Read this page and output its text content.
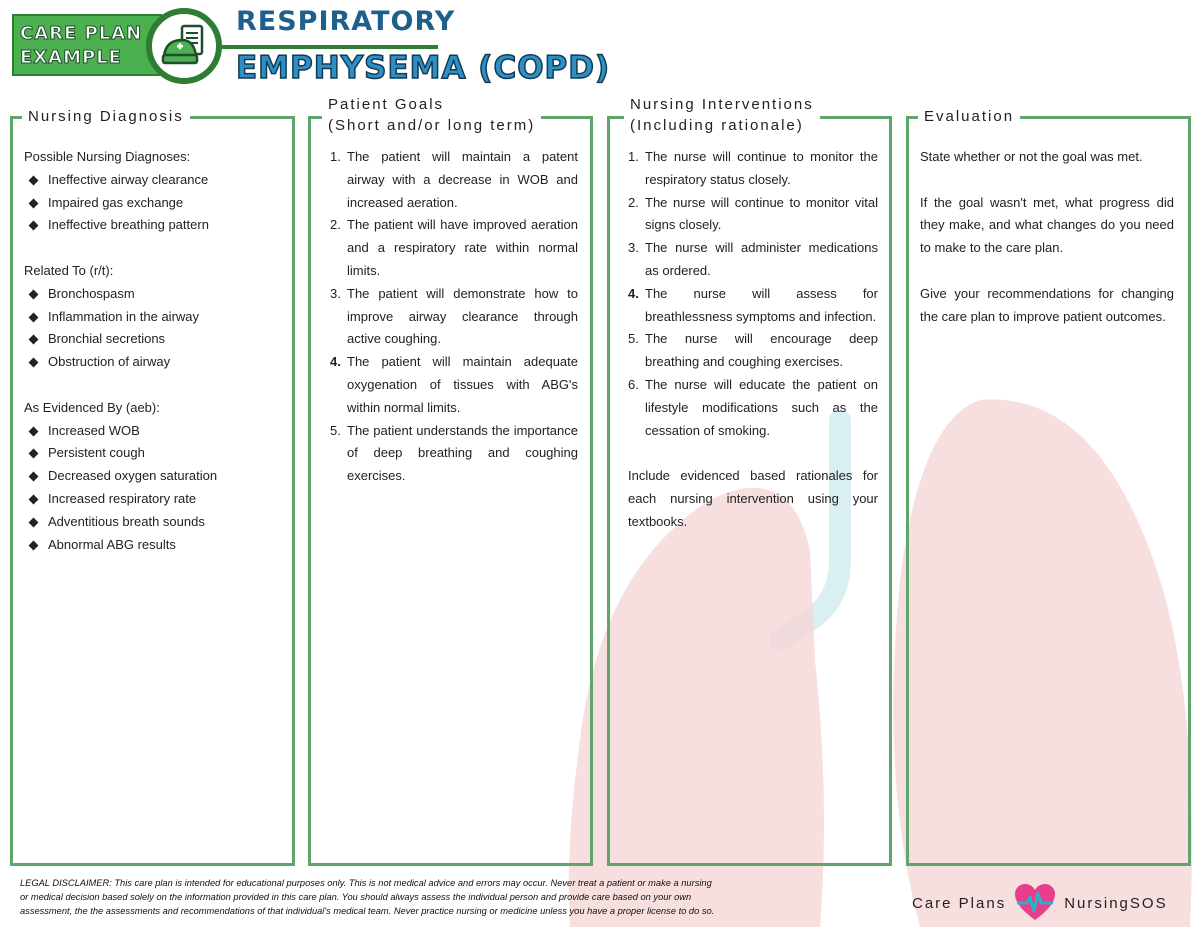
CARE PLAN
EXAMPLE
RESPIRATORY
EMPHYSEMA (COPD)
Nursing Diagnosis
Patient Goals
(Short and/or long term)
Nursing Interventions
(Including rationale)
Evaluation
Possible Nursing Diagnoses:
Ineffective airway clearance
Impaired gas exchange
Ineffective breathing pattern
Related To (r/t):
Bronchospasm
Inflammation in the airway
Bronchial secretions
Obstruction of airway
As Evidenced By (aeb):
Increased WOB
Persistent cough
Decreased oxygen saturation
Increased respiratory rate
Adventitious breath sounds
Abnormal ABG results
1. The patient will maintain a patent airway with a decrease in WOB and increased aeration.
2. The patient will have improved aeration and a respiratory rate within normal limits.
3. The patient will demonstrate how to improve airway clearance through active coughing.
4. The patient will maintain adequate oxygenation of tissues with ABG's within normal limits.
5. The patient understands the importance of deep breathing and coughing exercises.
1. The nurse will continue to monitor the respiratory status closely.
2. The nurse will continue to monitor vital signs closely.
3. The nurse will administer medications as ordered.
4. The nurse will assess for breathlessness symptoms and infection.
5. The nurse will encourage deep breathing and coughing exercises.
6. The nurse will educate the patient on lifestyle modifications such as the cessation of smoking.

Include evidenced based rationales for each nursing intervention using your textbooks.

State whether or not the goal was met.

If the goal wasn't met, what progress did they make, and what changes do you need to make to the care plan.

Give your recommendations for changing the care plan to improve patient outcomes.

LEGAL DISCLAIMER: This care plan is intended for educational purposes only. This is not medical advice and errors may occur. Never treat a patient or make a nursing
or medical decision based solely on the information provided in this care plan. You should always assess the individual person and provide care based on your own
assessment, the the assessments and recommendations of that individual's medical team. Never practice nursing or medicine unless you have a proper license to do so.	Care Plans	NursingSOS
